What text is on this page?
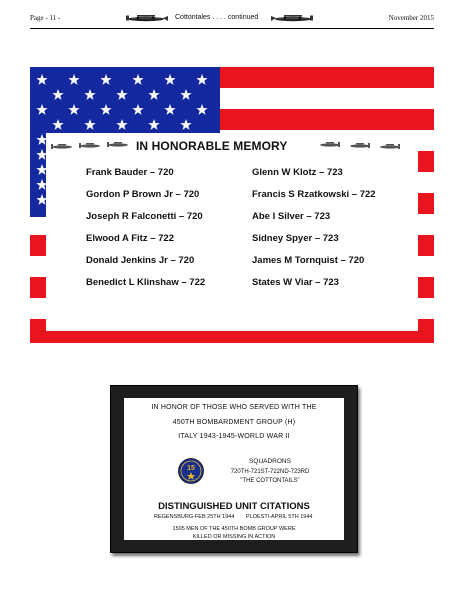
Page - 11 -	Cottontales . . . . continued	November 2015
IN HONORABLE MEMORY
Frank Bauder – 720
Gordon P Brown Jr – 720
Joseph R Falconetti – 720
Elwood A Fitz – 722
Donald Jenkins Jr – 720
Benedict L Klinshaw – 722
Glenn W Klotz – 723
Francis S Rzatkowski – 722
Abe I Silver – 723
Sidney Spyer – 723
James M Tornquist – 720
States W Viar – 723
IN HONOR OF THOSE WHO SERVED WITH THE
450TH BOMBARDMENT GROUP (H)
ITALY 1943-1945-WORLD WAR II
15
SQUADRONS
720TH-721ST-722ND-723RD
"THE COTTONTAILS"
DISTINGUISHED UNIT CITATIONS
REGENSBURG-FEB 25TH 1944 PLOESTI-APRIL 5TH 1944
1505 MEN OF THE 450TH BOMB GROUP WERE
KILLED OR MISSING IN ACTION
